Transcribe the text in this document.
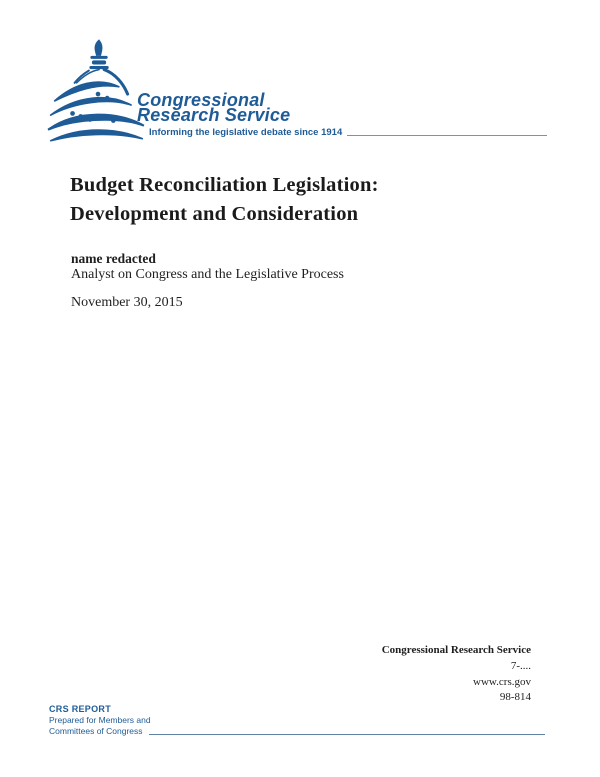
Congressional
Research Service
Informing the legislative debate since 1914
Budget Reconciliation Legislation:
Development and Consideration
name redacted
Analyst on Congress and the Legislative Process
November 30, 2015
Congressional Research Service
7-....
www.crs.gov
98-814
CRS REPORT
Prepared for Members and
Committees of Congress
